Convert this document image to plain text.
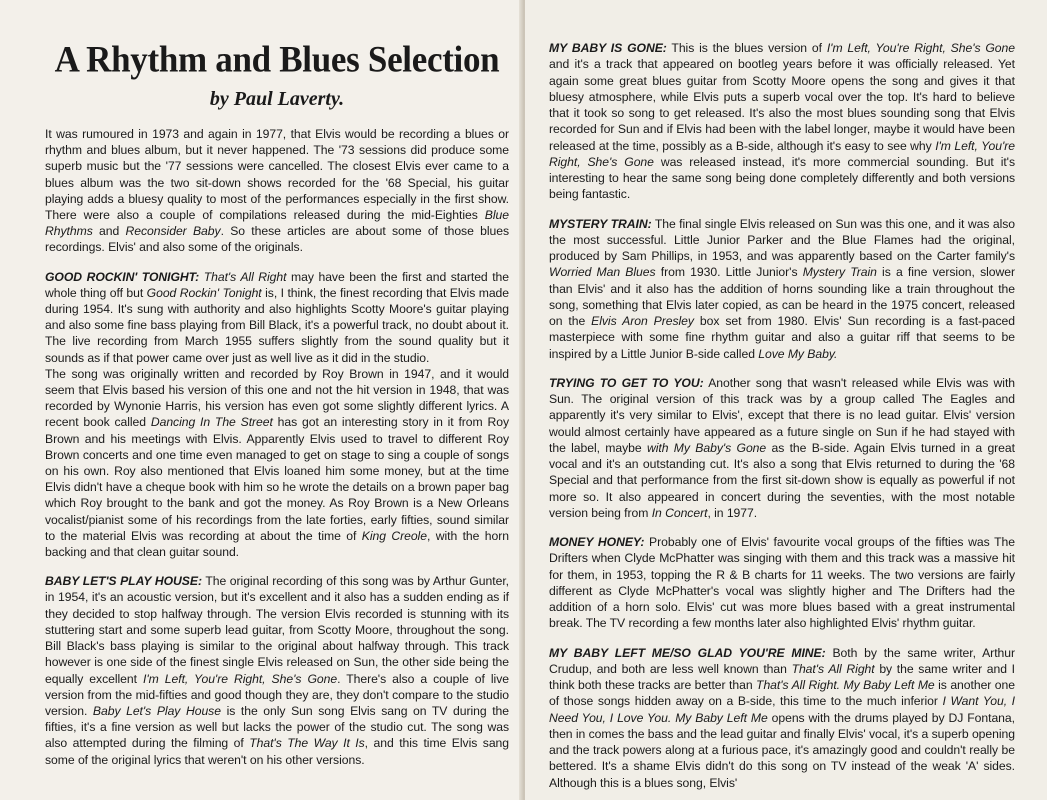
A Rhythm and Blues Selection
by Paul Laverty.

It was rumoured in 1973 and again in 1977, that Elvis would be recording a blues or rhythm and blues album, but it never happened. The '73 sessions did produce some superb music but the '77 sessions were cancelled. The closest Elvis ever came to a blues album was the two sit-down shows recorded for the '68 Special, his guitar playing adds a bluesy quality to most of the performances especially in the first show. There were also a couple of compilations released during the mid-Eighties Blue Rhythms and Reconsider Baby. So these articles are about some of those blues recordings. Elvis' and also some of the originals.

GOOD ROCKIN' TONIGHT: That's All Right may have been the first and started the whole thing off but Good Rockin' Tonight is, I think, the finest recording that Elvis made during 1954. It's sung with authority and also highlights Scotty Moore's guitar playing and also some fine bass playing from Bill Black, it's a powerful track, no doubt about it. The live recording from March 1955 suffers slightly from the sound quality but it sounds as if that power came over just as well live as it did in the studio.

The song was originally written and recorded by Roy Brown in 1947, and it would seem that Elvis based his version of this one and not the hit version in 1948, that was recorded by Wynonie Harris, his version has even got some slightly different lyrics. A recent book called Dancing In The Street has got an interesting story in it from Roy Brown and his meetings with Elvis. Apparently Elvis used to travel to different Roy Brown concerts and one time even managed to get on stage to sing a couple of songs on his own. Roy also mentioned that Elvis loaned him some money, but at the time Elvis didn't have a cheque book with him so he wrote the details on a brown paper bag which Roy brought to the bank and got the money. As Roy Brown is a New Orleans vocalist/pianist some of his recordings from the late forties, early fifties, sound similar to the material Elvis was recording at about the time of King Creole, with the horn backing and that clean guitar sound.

BABY LET'S PLAY HOUSE: The original recording of this song was by Arthur Gunter, in 1954, it's an acoustic version, but it's excellent and it also has a sudden ending as if they decided to stop halfway through. The version Elvis recorded is stunning with its stuttering start and some superb lead guitar, from Scotty Moore, throughout the song. Bill Black's bass playing is similar to the original about halfway through. This track however is one side of the finest single Elvis released on Sun, the other side being the equally excellent I'm Left, You're Right, She's Gone. There's also a couple of live version from the mid-fifties and good though they are, they don't compare to the studio version. Baby Let's Play House is the only Sun song Elvis sang on TV during the fifties, it's a fine version as well but lacks the power of the studio cut. The song was also attempted during the filming of That's The Way It Is, and this time Elvis sang some of the original lyrics that weren't on his other versions.

MY BABY IS GONE: This is the blues version of I'm Left, You're Right, She's Gone and it's a track that appeared on bootleg years before it was officially released. Yet again some great blues guitar from Scotty Moore opens the song and gives it that bluesy atmosphere, while Elvis puts a superb vocal over the top. It's hard to believe that it took so song to get released. It's also the most blues sounding song that Elvis recorded for Sun and if Elvis had been with the label longer, maybe it would have been released at the time, possibly as a B-side, although it's easy to see why I'm Left, You're Right, She's Gone was released instead, it's more commercial sounding. But it's interesting to hear the same song being done completely differently and both versions being fantastic.

MYSTERY TRAIN: The final single Elvis released on Sun was this one, and it was also the most successful. Little Junior Parker and the Blue Flames had the original, produced by Sam Phillips, in 1953, and was apparently based on the Carter family's Worried Man Blues from 1930. Little Junior's Mystery Train is a fine version, slower than Elvis' and it also has the addition of horns sounding like a train throughout the song, something that Elvis later copied, as can be heard in the 1975 concert, released on the Elvis Aron Presley box set from 1980. Elvis' Sun recording is a fast-paced masterpiece with some fine rhythm guitar and also a guitar riff that seems to be inspired by a Little Junior B-side called Love My Baby.

TRYING TO GET TO YOU: Another song that wasn't released while Elvis was with Sun. The original version of this track was by a group called The Eagles and apparently it's very similar to Elvis', except that there is no lead guitar. Elvis' version would almost certainly have appeared as a future single on Sun if he had stayed with the label, maybe with My Baby's Gone as the B-side. Again Elvis turned in a great vocal and it's an outstanding cut. It's also a song that Elvis returned to during the '68 Special and that performance from the first sit-down show is equally as powerful if not more so. It also appeared in concert during the seventies, with the most notable version being from In Concert, in 1977.

MONEY HONEY: Probably one of Elvis' favourite vocal groups of the fifties was The Drifters when Clyde McPhatter was singing with them and this track was a massive hit for them, in 1953, topping the R & B charts for 11 weeks. The two versions are fairly different as Clyde McPhatter's vocal was slightly higher and The Drifters had the addition of a horn solo. Elvis' cut was more blues based with a great instrumental break. The TV recording a few months later also highlighted Elvis' rhythm guitar.

MY BABY LEFT ME/SO GLAD YOU'RE MINE: Both by the same writer, Arthur Crudup, and both are less well known than That's All Right by the same writer and I think both these tracks are better than That's All Right. My Baby Left Me is another one of those songs hidden away on a B-side, this time to the much inferior I Want You, I Need You, I Love You. My Baby Left Me opens with the drums played by DJ Fontana, then in comes the bass and the lead guitar and finally Elvis' vocal, it's a superb opening and the track powers along at a furious pace, it's amazingly good and couldn't really be bettered. It's a shame Elvis didn't do this song on TV instead of the weak 'A' sides. Although this is a blues song, Elvis'
